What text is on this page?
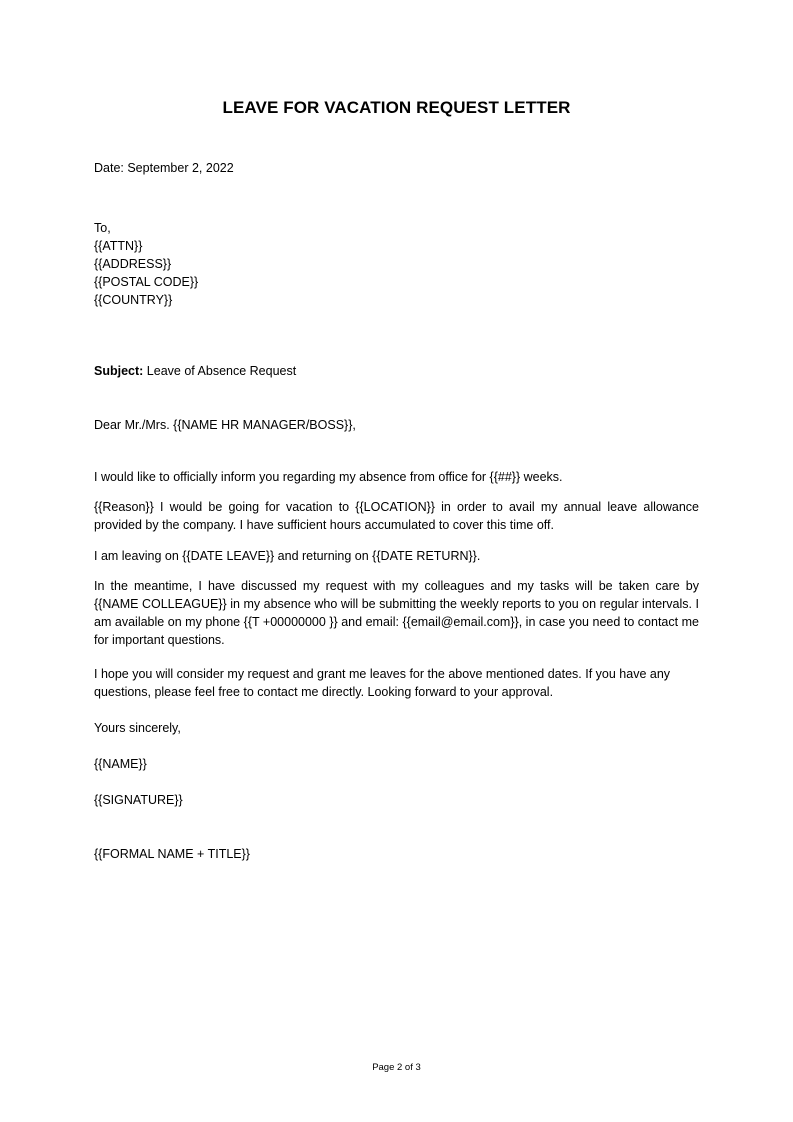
LEAVE FOR VACATION REQUEST LETTER

Date: September 2, 2022

To,
{{ATTN}}
{{ADDRESS}}
{{POSTAL CODE}}
{{COUNTRY}}

Subject: Leave of Absence Request

Dear Mr./Mrs. {{NAME HR MANAGER/BOSS}},

I would like to officially inform you regarding my absence from office for {{##}} weeks.

{{Reason}} I would be going for vacation to {{LOCATION}} in order to avail my annual leave allowance provided by the company. I have sufficient hours accumulated to cover this time off.

I am leaving on {{DATE LEAVE}} and returning on {{DATE RETURN}}.

In the meantime, I have discussed my request with my colleagues and my tasks will be taken care by {{NAME COLLEAGUE}} in my absence who will be submitting the weekly reports to you on regular intervals. I am available on my phone {{T +00000000 }} and email: {{email@email.com}}, in case you need to contact me for important questions.

I hope you will consider my request and grant me leaves for the above mentioned dates. If you have any questions, please feel free to contact me directly. Looking forward to your approval.

Yours sincerely,

{{NAME}}

{{SIGNATURE}}

{{FORMAL NAME + TITLE}}

Page 2 of 3
